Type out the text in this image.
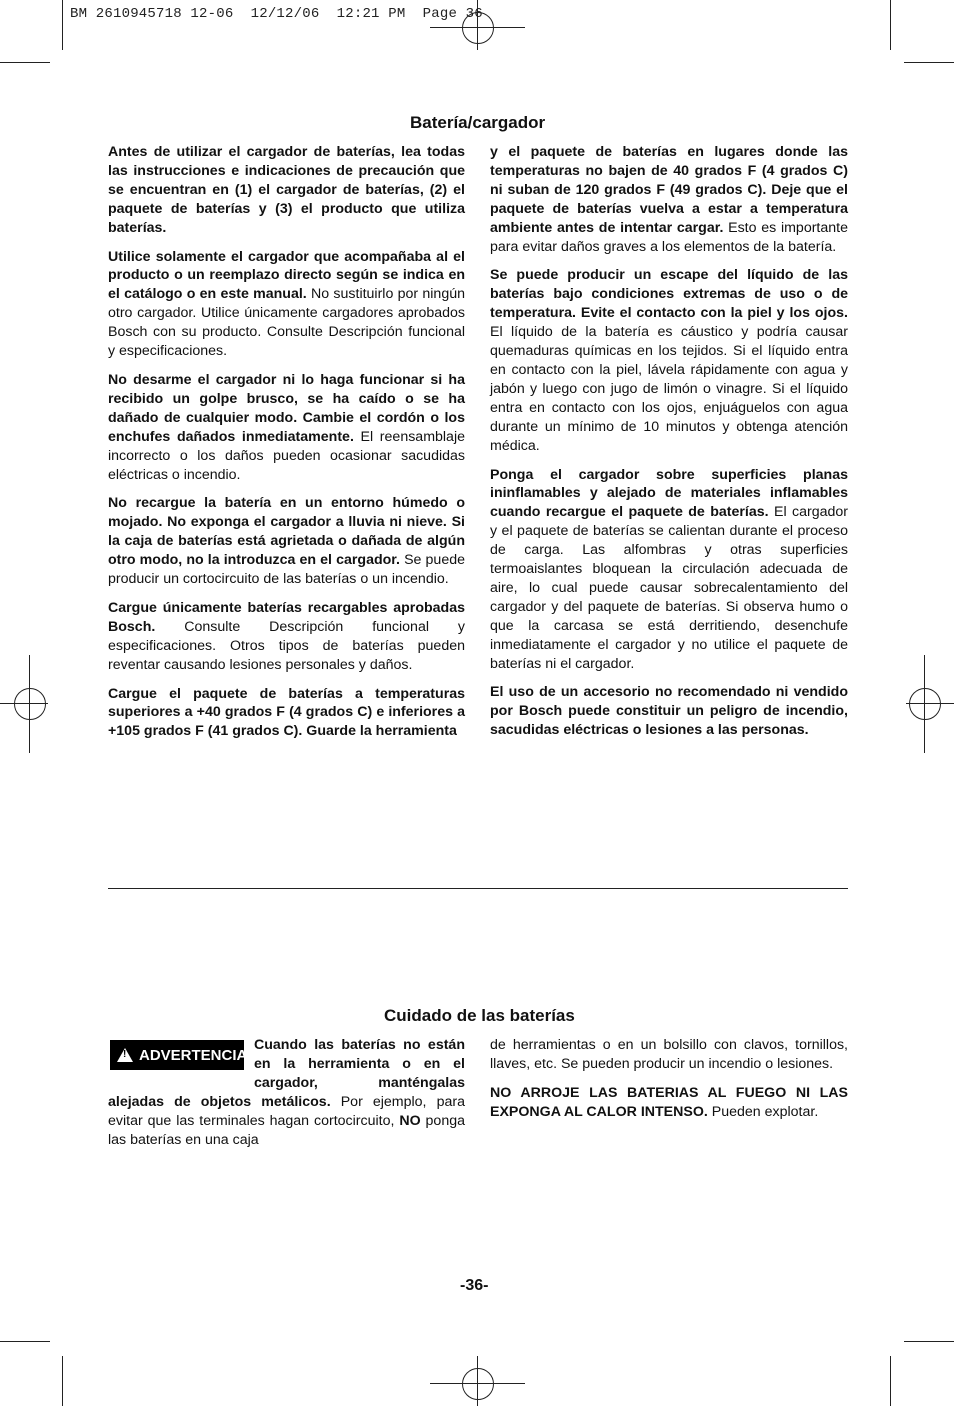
BM 2610945718 12-06  12/12/06  12:21 PM  Page 36
Batería/cargador

Antes de utilizar el cargador de baterías, lea todas las instrucciones e indicaciones de precaución que se encuentran en (1) el cargador de baterías, (2) el paquete de baterías y (3) el producto que utiliza baterías.

Utilice solamente el cargador que acompañaba al el producto o un reemplazo directo según se indica en el catálogo o en este manual. No sustituirlo por ningún otro cargador. Utilice únicamente cargadores aprobados Bosch con su producto. Consulte Descripción funcional y especificaciones.

No desarme el cargador ni lo haga funcionar si ha recibido un golpe brusco, se ha caído o se ha dañado de cualquier modo. Cambie el cordón o los enchufes dañados inmediatamente. El reensamblaje incorrecto o los daños pueden ocasionar sacudidas eléctricas o incendio.

No recargue la batería en un entorno húmedo o mojado. No exponga el cargador a lluvia ni nieve. Si la caja de baterías está agrietada o dañada de algún otro modo, no la introduzca en el cargador. Se puede producir un cortocircuito de las baterías o un incendio.

Cargue únicamente baterías recargables aprobadas Bosch. Consulte Descripción funcional y especificaciones. Otros tipos de baterías pueden reventar causando lesiones personales y daños.

Cargue el paquete de baterías a temperaturas superiores a +40 grados F (4 grados C) e inferiores a +105 grados F (41 grados C). Guarde la herramienta

y el paquete de baterías en lugares donde las temperaturas no bajen de 40 grados F (4 grados C) ni suban de 120 grados F (49 grados C). Deje que el paquete de baterías vuelva a estar a temperatura ambiente antes de intentar cargar. Esto es importante para evitar daños graves a los elementos de la batería.

Se puede producir un escape del líquido de las baterías bajo condiciones extremas de uso o de temperatura. Evite el contacto con la piel y los ojos. El líquido de la batería es cáustico y podría causar quemaduras químicas en los tejidos. Si el líquido entra en contacto con la piel, lávela rápidamente con agua y jabón y luego con jugo de limón o vinagre. Si el líquido entra en contacto con los ojos, enjuáguelos con agua durante un mínimo de 10 minutos y obtenga atención médica.

Ponga el cargador sobre superficies planas ininflamables y alejado de materiales inflamables cuando recargue el paquete de baterías. El cargador y el paquete de baterías se calientan durante el proceso de carga. Las alfombras y otras superficies termoaislantes bloquean la circulación adecuada de aire, lo cual puede causar sobrecalentamiento del cargador y del paquete de baterías. Si observa humo o que la carcasa se está derritiendo, desenchufe inmediatamente el cargador y no utilice el paquete de baterías ni el cargador.

El uso de un accesorio no recomendado ni vendido por Bosch puede constituir un peligro de incendio, sacudidas eléctricas o lesiones a las personas.

Cuidado de las baterías
!
ADVERTENCIA

Cuando las baterías no están en la herramienta o en el cargador, manténgalas alejadas de objetos metálicos. Por ejemplo, para evitar que las terminales hagan cortocircuito, NO ponga las baterías en una caja

de herramientas o en un bolsillo con clavos, tornillos, llaves, etc. Se pueden producir un incendio o lesiones.

NO ARROJE LAS BATERIAS AL FUEGO NI LAS EXPONGA AL CALOR INTENSO. Pueden explotar.

-36-
